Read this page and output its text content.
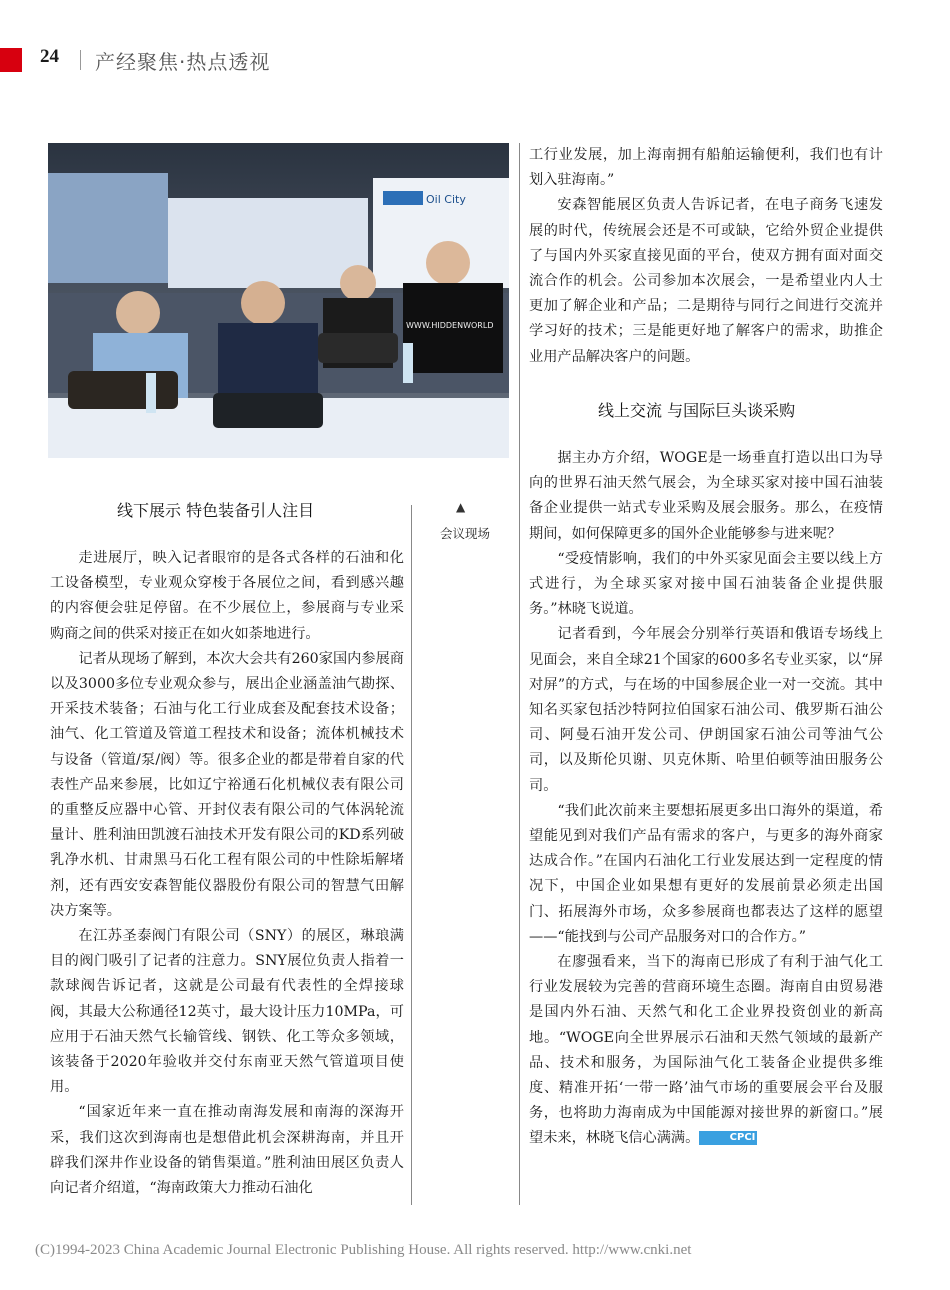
24 产经聚焦·热点透视
Oil City
WWW.HIDDENWORLD
线下展示 特色装备引人注目	▲
会议现场

走进展厅，映入记者眼帘的是各式各样的石油和化工设备模型，专业观众穿梭于各展位之间，看到感兴趣的内容便会驻足停留。在不少展位上，参展商与专业采购商之间的供采对接正在如火如荼地进行。

记者从现场了解到，本次大会共有260家国内参展商以及3000多位专业观众参与，展出企业涵盖油气勘探、开采技术装备；石油与化工行业成套及配套技术设备；油气、化工管道及管道工程技术和设备；流体机械技术与设备（管道/泵/阀）等。很多企业的都是带着自家的代表性产品来参展，比如辽宁裕通石化机械仪表有限公司的重整反应器中心管、开封仪表有限公司的气体涡轮流量计、胜利油田凯渡石油技术开发有限公司的KD系列破乳净水机、甘肃黑马石化工程有限公司的中性除垢解堵剂，还有西安安森智能仪器股份有限公司的智慧气田解决方案等。

在江苏圣泰阀门有限公司（SNY）的展区，琳琅满目的阀门吸引了记者的注意力。SNY展位负责人指着一款球阀告诉记者，这就是公司最有代表性的全焊接球阀，其最大公称通径12英寸，最大设计压力10MPa，可应用于石油天然气长输管线、钢铁、化工等众多领域，该装备于2020年验收并交付东南亚天然气管道项目使用。

“国家近年来一直在推动南海发展和南海的深海开采，我们这次到海南也是想借此机会深耕海南，并且开辟我们深井作业设备的销售渠道。”胜利油田展区负责人向记者介绍道，“海南政策大力推动石油化

工行业发展，加上海南拥有船舶运输便利，我们也有计划入驻海南。”

安森智能展区负责人告诉记者，在电子商务飞速发展的时代，传统展会还是不可或缺，它给外贸企业提供了与国内外买家直接见面的平台，使双方拥有面对面交流合作的机会。公司参加本次展会，一是希望业内人士更加了解企业和产品；二是期待与同行之间进行交流并学习好的技术；三是能更好地了解客户的需求，助推企业用产品解决客户的问题。

线上交流 与国际巨头谈采购

据主办方介绍，WOGE是一场垂直打造以出口为导向的世界石油天然气展会，为全球买家对接中国石油装备企业提供一站式专业采购及展会服务。那么，在疫情期间，如何保障更多的国外企业能够参与进来呢？

“受疫情影响，我们的中外买家见面会主要以线上方式进行，为全球买家对接中国石油装备企业提供服务。”林晓飞说道。

记者看到，今年展会分别举行英语和俄语专场线上见面会，来自全球21个国家的600多名专业买家，以“屏对屏”的方式，与在场的中国参展企业一对一交流。其中知名买家包括沙特阿拉伯国家石油公司、俄罗斯石油公司、阿曼石油开发公司、伊朗国家石油公司等油气公司，以及斯伦贝谢、贝克休斯、哈里伯顿等油田服务公司。

“我们此次前来主要想拓展更多出口海外的渠道，希望能见到对我们产品有需求的客户，与更多的海外商家达成合作。”在国内石油化工行业发展达到一定程度的情况下，中国企业如果想有更好的发展前景必须走出国门、拓展海外市场，众多参展商也都表达了这样的愿望——“能找到与公司产品服务对口的合作方。”

在廖强看来，当下的海南已形成了有利于油气化工行业发展较为完善的营商环境生态圈。海南自由贸易港是国内外石油、天然气和化工企业界投资创业的新高地。“WOGE向全世界展示石油和天然气领域的最新产品、技术和服务，为国际油气化工装备企业提供多维度、精准开拓‘一带一路’油气市场的重要展会平台及服务，也将助力海南成为中国能源对接世界的新窗口。”展望未来，林晓飞信心满满。	CPCI

(C)1994-2023 China Academic Journal Electronic Publishing House. All rights reserved. http://www.cnki.net
